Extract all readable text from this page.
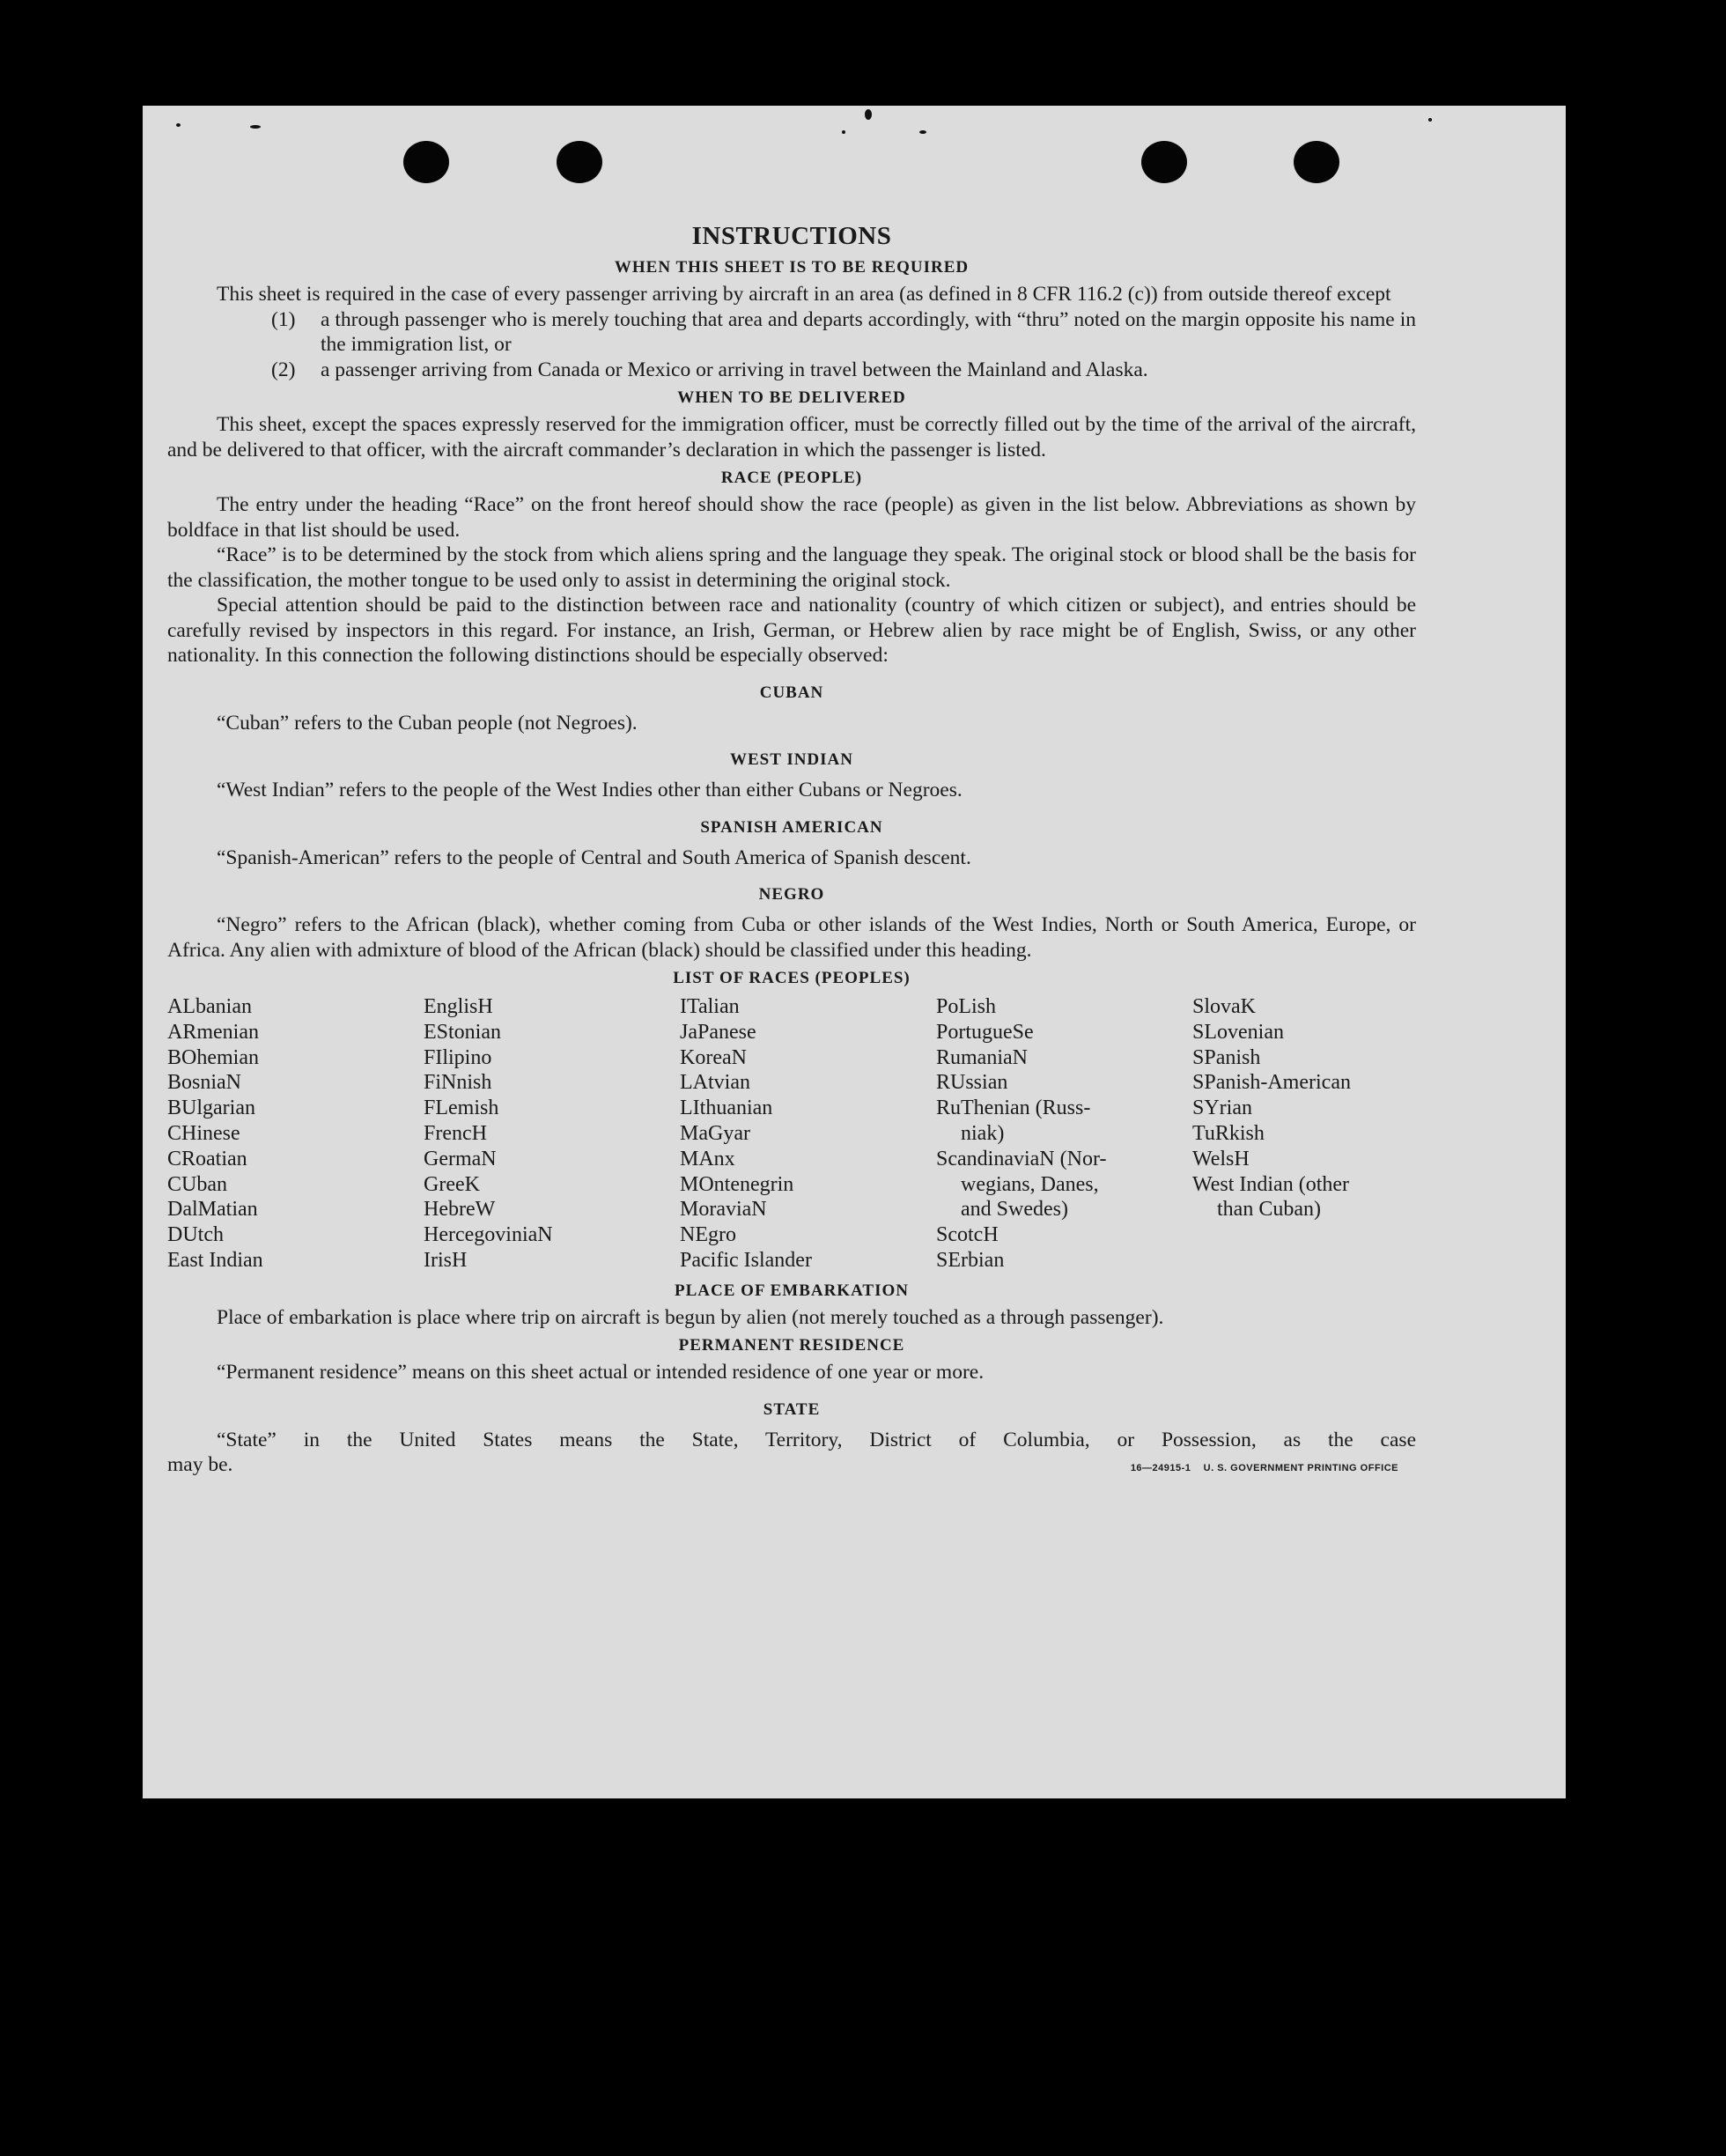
INSTRUCTIONS
WHEN THIS SHEET IS TO BE REQUIRED

This sheet is required in the case of every passenger arriving by aircraft in an area (as defined in 8 CFR 116.2 (c)) from outside thereof except

(1)	a through passenger who is merely touching that area and departs accordingly, with “thru” noted on the margin opposite his name in the immigration list, or
(2)	a passenger arriving from Canada or Mexico or arriving in travel between the Mainland and Alaska.
WHEN TO BE DELIVERED

This sheet, except the spaces expressly reserved for the immigration officer, must be correctly filled out by the time of the arrival of the aircraft, and be delivered to that officer, with the aircraft commander’s declaration in which the passenger is listed.

RACE (PEOPLE)

The entry under the heading “Race” on the front hereof should show the race (people) as given in the list below. Abbreviations as shown by boldface in that list should be used.

“Race” is to be determined by the stock from which aliens spring and the language they speak. The original stock or blood shall be the basis for the classification, the mother tongue to be used only to assist in determining the original stock.

Special attention should be paid to the distinction between race and nationality (country of which citizen or subject), and entries should be carefully revised by inspectors in this regard. For instance, an Irish, German, or Hebrew alien by race might be of English, Swiss, or any other nationality. In this connection the following distinctions should be especially observed:

CUBAN

“Cuban” refers to the Cuban people (not Negroes).

WEST INDIAN

“West Indian” refers to the people of the West Indies other than either Cubans or Negroes.

SPANISH AMERICAN

“Spanish-American” refers to the people of Central and South America of Spanish descent.

NEGRO

“Negro” refers to the African (black), whether coming from Cuba or other islands of the West Indies, North or South America, Europe, or Africa. Any alien with admixture of blood of the African (black) should be classified under this heading.

LIST OF RACES (PEOPLES)
ALbanian
ARmenian
BOhemian
BosniaN
BUlgarian
CHinese
CRoatian
CUban
DalMatian
DUtch
East Indian
EnglisH
EStonian
FIlipino
FiNnish
FLemish
FrencH
GermaN
GreeK
HebreW
HercegoviniaN
IrisH
ITalian
JaPanese
KoreaN
LAtvian
LIthuanian
MaGyar
MAnx
MOntenegrin
MoraviaN
NEgro
Pacific Islander
PoLish
PortugueSe
RumaniaN
RUssian
RuThenian (Russ-
niak)
ScandinaviaN (Nor-
wegians, Danes,
and Swedes)
ScotcH
SErbian
SlovaK
SLovenian
SPanish
SPanish-American
SYrian
TuRkish
WelsH
West Indian (other
than Cuban)
PLACE OF EMBARKATION

Place of embarkation is place where trip on aircraft is begun by alien (not merely touched as a through passenger).

PERMANENT RESIDENCE

“Permanent residence” means on this sheet actual or intended residence of one year or more.

STATE

“State” in the United States means the State, Territory, District of Columbia, or Possession, as the case

may be.	16—24915-1 U. S. GOVERNMENT PRINTING OFFICE
